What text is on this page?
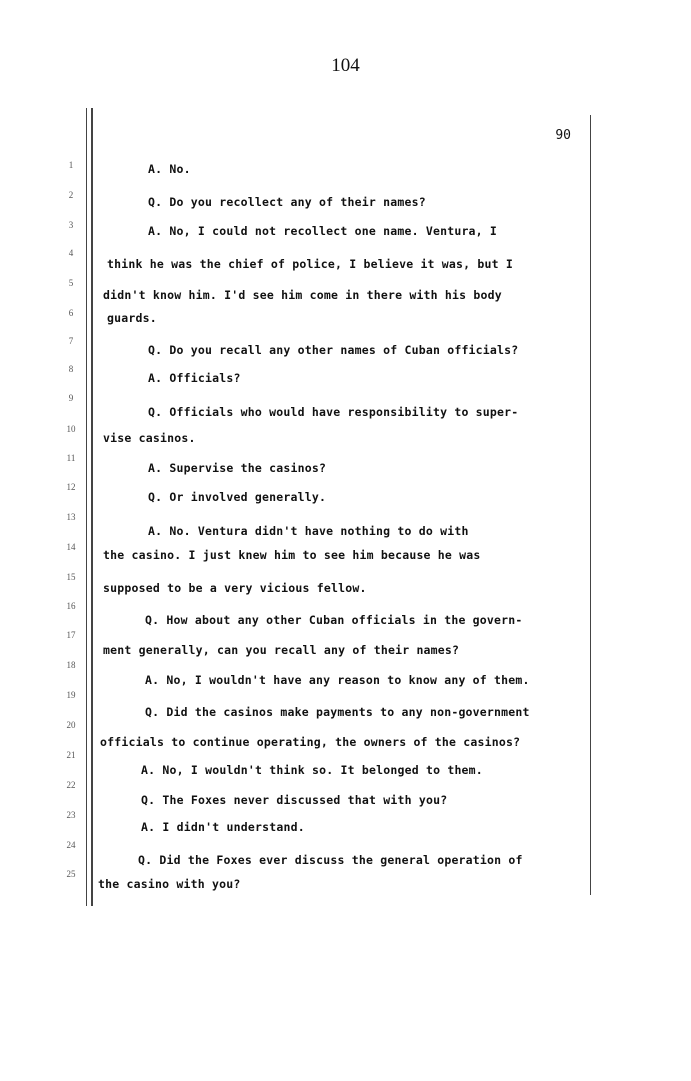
104
90
1
2
3
4
5
6
7
8
9
10
11
12
13
14
15
16
17
18
19
20
21
22
23
24
25
A. No.
Q. Do you recollect any of their names?
A. No, I could not recollect one name. Ventura, I
think he was the chief of police, I believe it was, but I
didn't know him. I'd see him come in there with his body
guards.
Q. Do you recall any other names of Cuban officials?
A. Officials?
Q. Officials who would have responsibility to super-
vise casinos.
A. Supervise the casinos?
Q. Or involved generally.
A. No. Ventura didn't have nothing to do with
the casino. I just knew him to see him because he was
supposed to be a very vicious fellow.
Q. How about any other Cuban officials in the govern-
ment generally, can you recall any of their names?
A. No, I wouldn't have any reason to know any of them.
Q. Did the casinos make payments to any non-government
officials to continue operating, the owners of the casinos?
A. No, I wouldn't think so. It belonged to them.
Q. The Foxes never discussed that with you?
A. I didn't understand.
Q. Did the Foxes ever discuss the general operation of
the casino with you?
